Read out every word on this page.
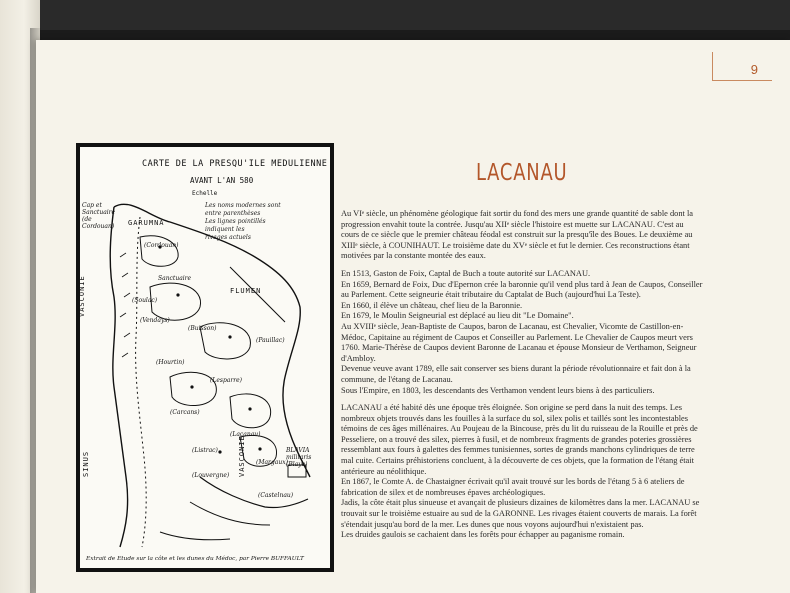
9
CARTE DE LA PRESQU'ILE MEDULIENNE
AVANT L'AN 580
Echelle
Les noms modernes sont
entre parenthèses
Les lignes pointillés
indiquent les
rivages actuels
Cap et Sanctuaire (de Cordouan)	GARUMNA
(Cordouan)
Sanctuaire
FLUMEN
(Soulac)
(Vendays)
(Buisson)
(Pauillac)
(Lesparre)
(Hourtin)
(Carcans)
(Lacanau)
(Listrac)
(Margaux)
(Louvergne)
(Castelnau)
VASCONIE
VASCONIE
SINUS
BLAVIA militaris (Blaye)
Extrait de Etude sur la côte et les dunes du Médoc, par Pierre BUFFAULT
LACANAU
Au VIᵉ siècle, un phénomène géologique fait sortir du fond des mers une grande quantité de sable dont la
progression envahit toute la contrée. Jusqu'au XIIᵉ siècle l'histoire est muette sur LACANAU. C'est au
cours de ce siècle que le premier château féodal est construit sur la presqu'île des Boues. Le deuxième au
XIIIᵉ siècle, à COUNIHAUT. Le troisième date du XVᵉ siècle et fut le dernier. Ces reconstructions étant
motivées par la constante montée des eaux.
En 1513, Gaston de Foix, Captal de Buch a toute autorité sur LACANAU.
En 1659, Bernard de Foix, Duc d'Epernon crée la baronnie qu'il vend plus tard à Jean de Caupos, Conseiller
au Parlement. Cette seigneurie était tributaire du Captalat de Buch (aujourd'hui La Teste).
En 1660, il élève un château, chef lieu de la Baronnie.
En 1679, le Moulin Seigneurial est déplacé au lieu dit "Le Domaine".
Au XVIIIᵉ siècle, Jean-Baptiste de Caupos, baron de Lacanau, est Chevalier, Vicomte de Castillon-en-
Médoc, Capitaine au régiment de Caupos et Conseiller au Parlement. Le Chevalier de Caupos meurt vers
1760. Marie-Thérèse de Caupos devient Baronne de Lacanau et épouse Monsieur de Verthamon, Seigneur
d'Ambloy.
Devenue veuve avant 1789, elle sait conserver ses biens durant la période révolutionnaire et fait don à la
commune, de l'étang de Lacanau.
Sous l'Empire, en 1803, les descendants des Verthamon vendent leurs biens à des particuliers.
LACANAU a été habité dès une époque très éloignée. Son origine se perd dans la nuit des temps. Les
nombreux objets trouvés dans les fouilles à la surface du sol, silex polis et taillés sont les incontestables
témoins de ces âges millénaires. Au Poujeau de la Bincouse, près du lit du ruisseau de la Rouille et près de
Pesseliere, on a trouvé des silex, pierres à fusil, et de nombreux fragments de grandes poteries grossières
ressemblant aux fours à galettes des femmes tunisiennes, sortes de grands manchons cylindriques de terre
mal cuite. Certains préhistoriens concluent, à la découverte de ces objets, que la formation de l'étang était
antérieure au néolithique.
En 1867, le Comte A. de Chastaigner écrivait qu'il avait trouvé sur les bords de l'étang 5 à 6 ateliers de
fabrication de silex et de nombreuses épaves archéologiques.
Jadis, la côte était plus sinueuse et avançait de plusieurs dizaines de kilomètres dans la mer. LACANAU se
trouvait sur le troisième estuaire au sud de la GARONNE. Les rivages étaient couverts de marais. La forêt
s'étendait jusqu'au bord de la mer. Les dunes que nous voyons aujourd'hui n'existaient pas.
Les druides gaulois se cachaient dans les forêts pour échapper au paganisme romain.
